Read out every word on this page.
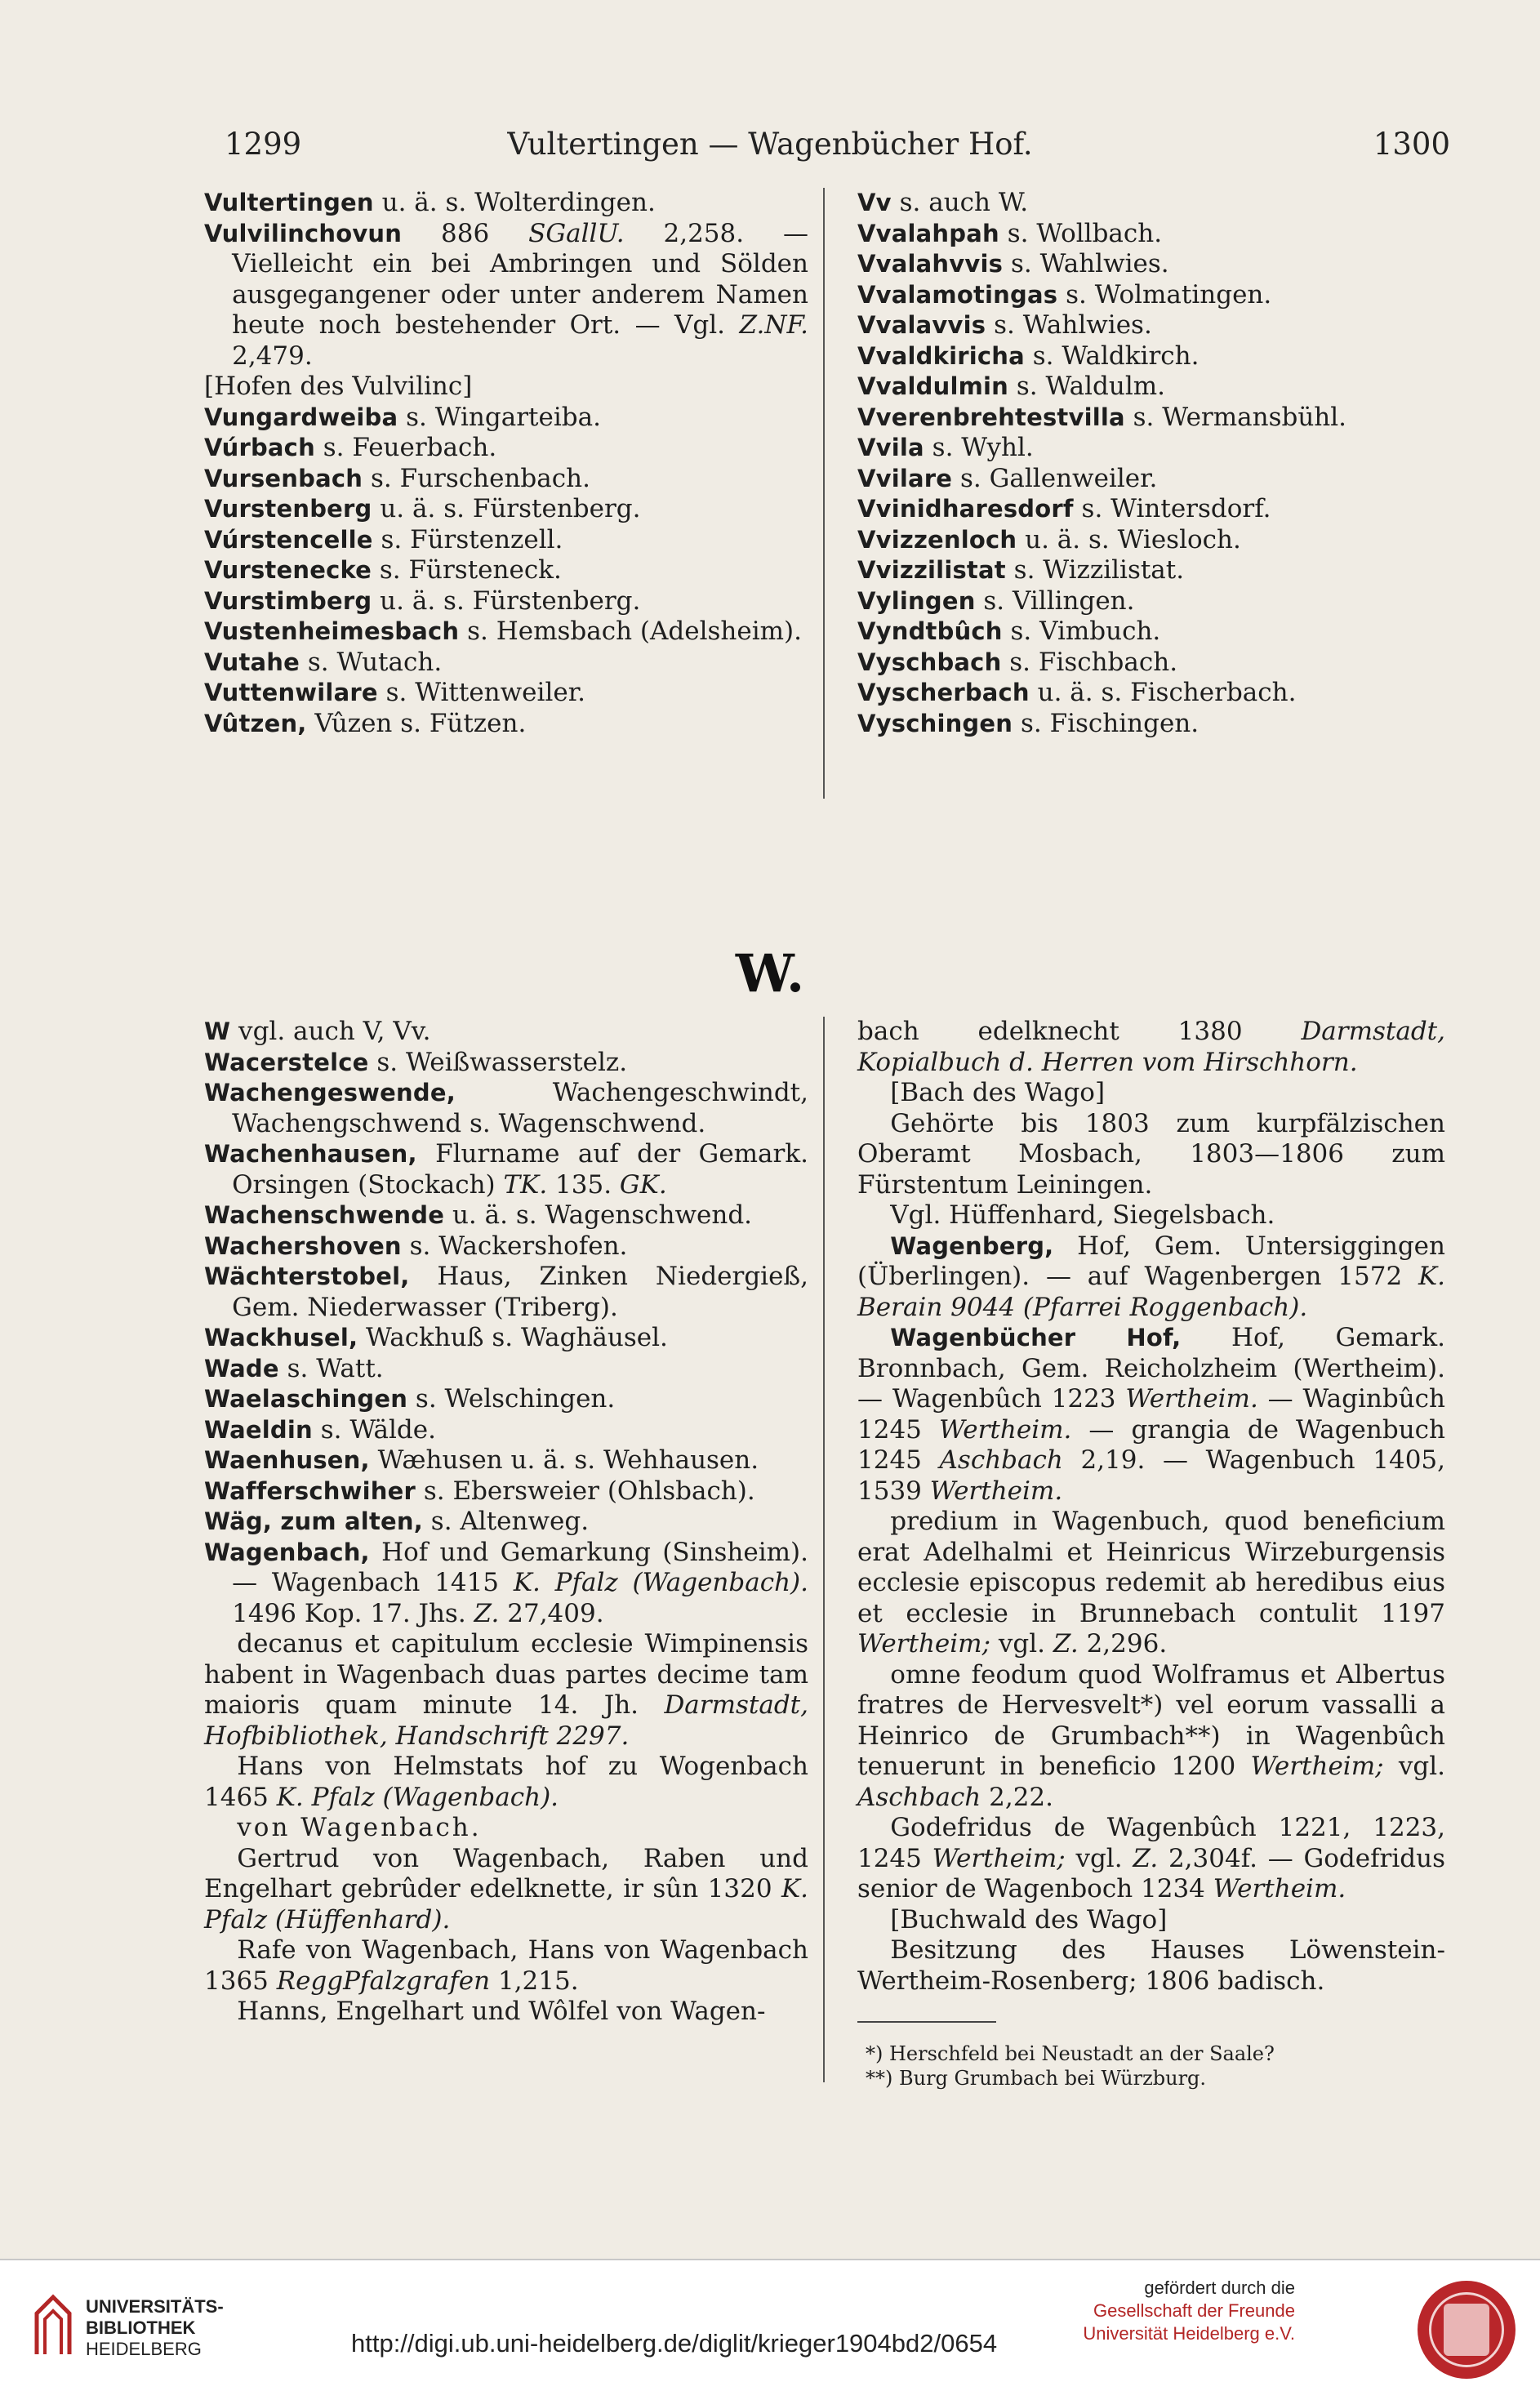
1299	Vultertingen — Wagenbücher Hof.	1300

Vultertingen u. ä. s. Wolterdingen.

Vulvilinchovun 886 SGallU. 2,258. — Vielleicht ein bei Ambringen und Sölden ausgegangener oder unter anderem Namen heute noch bestehender Ort. — Vgl. Z.NF. 2,479.

[Hofen des Vulvilinc]

Vungardweiba s. Wingarteiba.

Vúrbach s. Feuerbach.

Vursenbach s. Furschenbach.

Vurstenberg u. ä. s. Fürstenberg.

Vúrstencelle s. Fürstenzell.

Vurstenecke s. Fürsteneck.

Vurstimberg u. ä. s. Fürstenberg.

Vustenheimesbach s. Hemsbach (Adelsheim).

Vutahe s. Wutach.

Vuttenwilare s. Wittenweiler.

Vûtzen, Vûzen s. Fützen.

Vv s. auch W.

Vvalahpah s. Wollbach.

Vvalahvvis s. Wahlwies.

Vvalamotingas s. Wolmatingen.

Vvalavvis s. Wahlwies.

Vvaldkiricha s. Waldkirch.

Vvaldulmin s. Waldulm.

Vverenbrehtestvilla s. Wermansbühl.

Vvila s. Wyhl.

Vvilare s. Gallenweiler.

Vvinidharesdorf s. Wintersdorf.

Vvizzenloch u. ä. s. Wiesloch.

Vvizzilistat s. Wizzilistat.

Vylingen s. Villingen.

Vyndtbûch s. Vimbuch.

Vyschbach s. Fischbach.

Vyscherbach u. ä. s. Fischerbach.

Vyschingen s. Fischingen.

W.

W vgl. auch V, Vv.

Wacerstelce s. Weißwasserstelz.

Wachengeswende, Wachengeschwindt, Wachengschwend s. Wagenschwend.

Wachenhausen, Flurname auf der Gemark. Orsingen (Stockach) TK. 135. GK.

Wachenschwende u. ä. s. Wagenschwend.

Wachershoven s. Wackershofen.

Wächterstobel, Haus, Zinken Niedergieß, Gem. Niederwasser (Triberg).

Wackhusel, Wackhuß s. Waghäusel.

Wade s. Watt.

Waelaschingen s. Welschingen.

Waeldin s. Wälde.

Waenhusen, Wæhusen u. ä. s. Wehhausen.

Wafferschwiher s. Ebersweier (Ohlsbach).

Wäg, zum alten, s. Altenweg.

Wagenbach, Hof und Gemarkung (Sinsheim). — Wagenbach 1415 K. Pfalz (Wagenbach). 1496 Kop. 17. Jhs. Z. 27,409.

decanus et capitulum ecclesie Wimpinensis habent in Wagenbach duas partes decime tam maioris quam minute 14. Jh. Darmstadt, Hofbibliothek, Handschrift 2297.

Hans von Helmstats hof zu Wogenbach 1465 K. Pfalz (Wagenbach).

von Wagenbach.

Gertrud von Wagenbach, Raben und Engelhart gebrûder edelknette, ir sûn 1320 K. Pfalz (Hüffenhard).

Rafe von Wagenbach, Hans von Wagenbach 1365 ReggPfalzgrafen 1,215.

Hanns, Engelhart und Wôlfel von Wagen-

bach edelknecht 1380 Darmstadt, Kopialbuch d. Herren vom Hirschhorn.

[Bach des Wago]

Gehörte bis 1803 zum kurpfälzischen Oberamt Mosbach, 1803—1806 zum Fürstentum Leiningen.

Vgl. Hüffenhard, Siegelsbach.

Wagenberg, Hof, Gem. Untersiggingen (Überlingen). — auf Wagenbergen 1572 K. Berain 9044 (Pfarrei Roggenbach).

Wagenbücher Hof, Hof, Gemark. Bronnbach, Gem. Reicholzheim (Wertheim). — Wagenbûch 1223 Wertheim. — Waginbûch 1245 Wertheim. — grangia de Wagenbuch 1245 Aschbach 2,19. — Wagenbuch 1405, 1539 Wertheim.

predium in Wagenbuch, quod beneficium erat Adelhalmi et Heinricus Wirzeburgensis ecclesie episcopus redemit ab heredibus eius et ecclesie in Brunnebach contulit 1197 Wertheim; vgl. Z. 2,296.

omne feodum quod Wolframus et Albertus fratres de Hervesvelt*) vel eorum vassalli a Heinrico de Grumbach**) in Wagenbûch tenuerunt in beneficio 1200 Wertheim; vgl. Aschbach 2,22.

Godefridus de Wagenbûch 1221, 1223, 1245 Wertheim; vgl. Z. 2,304f. — Godefridus senior de Wagenboch 1234 Wertheim.

[Buchwald des Wago]

Besitzung des Hauses Löwenstein-Wertheim-Rosenberg; 1806 badisch.

*) Herschfeld bei Neustadt an der Saale?
**) Burg Grumbach bei Würzburg.
UNIVERSITÄTS-
BIBLIOTHEK
HEIDELBERG	http://digi.ub.uni-heidelberg.de/diglit/krieger1904bd2/0654
gefördert durch die
Gesellschaft der Freunde
Universität Heidelberg e.V.
